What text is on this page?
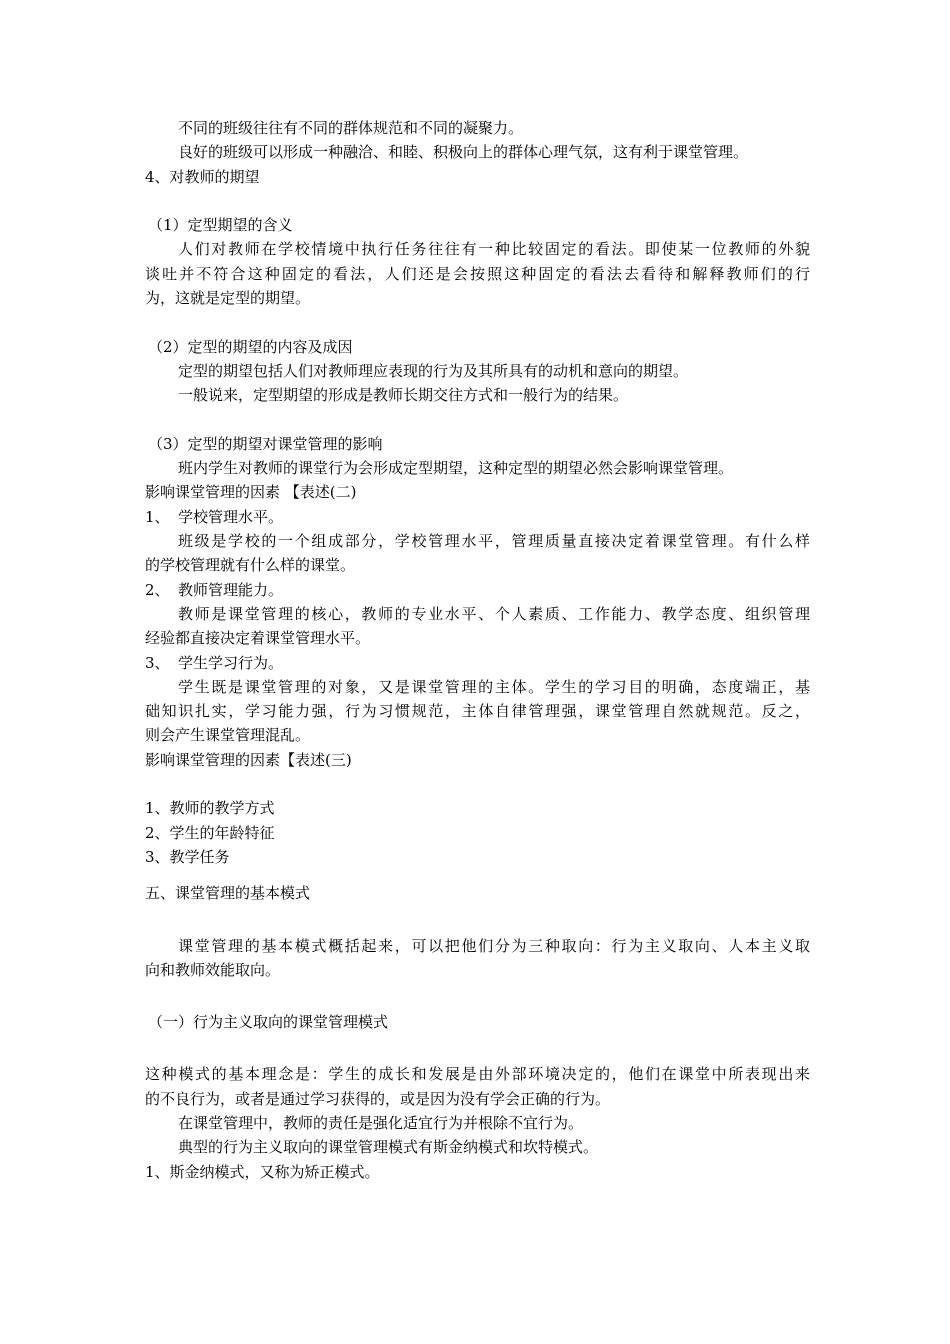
不同的班级往往有不同的群体规范和不同的凝聚力。
良好的班级可以形成一种融洽、和睦、积极向上的群体心理气氛，这有利于课堂管理。
4、对教师的期望
（1）定型期望的含义
人们对教师在学校情境中执行任务往往有一种比较固定的看法。即使某一位教师的外貌
谈吐并不符合这种固定的看法，人们还是会按照这种固定的看法去看待和解释教师们的行
为，这就是定型的期望。
（2）定型的期望的内容及成因
定型的期望包括人们对教师理应表现的行为及其所具有的动机和意向的期望。
一般说来，定型期望的形成是教师长期交往方式和一般行为的结果。
（3）定型的期望对课堂管理的影响
班内学生对教师的课堂行为会形成定型期望，这种定型的期望必然会影响课堂管理。
影响课堂管理的因素 【表述(二)
1、 学校管理水平。
班级是学校的一个组成部分，学校管理水平，管理质量直接决定着课堂管理。有什么样
的学校管理就有什么样的课堂。
2、 教师管理能力。
教师是课堂管理的核心，教师的专业水平、个人素质、工作能力、教学态度、组织管理
经验都直接决定着课堂管理水平。
3、 学生学习行为。
学生既是课堂管理的对象，又是课堂管理的主体。学生的学习目的明确，态度端正，基
础知识扎实，学习能力强，行为习惯规范，主体自律管理强，课堂管理自然就规范。反之，
则会产生课堂管理混乱。
影响课堂管理的因素【表述(三)
1、教师的教学方式
2、学生的年龄特征
3、教学任务
五、课堂管理的基本模式
课堂管理的基本模式概括起来，可以把他们分为三种取向：行为主义取向、人本主义取
向和教师效能取向。
（一）行为主义取向的课堂管理模式
这种模式的基本理念是：学生的成长和发展是由外部环境决定的，他们在课堂中所表现出来
的不良行为，或者是通过学习获得的，或是因为没有学会正确的行为。
在课堂管理中，教师的责任是强化适宜行为并根除不宜行为。
典型的行为主义取向的课堂管理模式有斯金纳模式和坎特模式。
1、斯金纳模式，又称为矫正模式。
